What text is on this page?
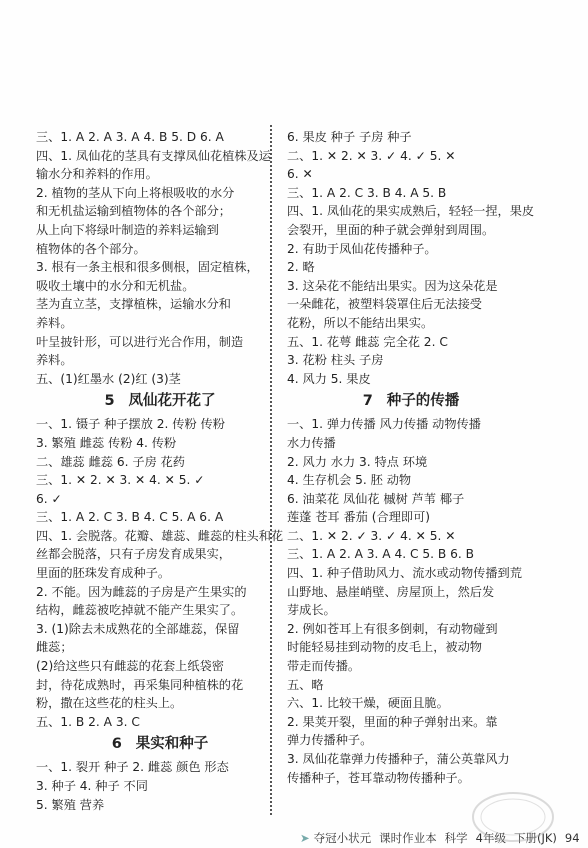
三、1. A 2. A 3. A 4. B 5. D 6. A
四、1. 凤仙花的茎具有支撑凤仙花植株及运
输水分和养料的作用。
2. 植物的茎从下向上将根吸收的水分
和无机盐运输到植物体的各个部分；
从上向下将绿叶制造的养料运输到
植物体的各个部分。
3. 根有一条主根和很多侧根，固定植株，
吸收土壤中的水分和无机盐。
茎为直立茎，支撑植株，运输水分和
养料。
叶呈披针形，可以进行光合作用，制造
养料。
五、(1)红墨水 (2)红 (3)茎
5 凤仙花开花了
一、1. 镊子 种子摆放 2. 传粉 传粉
3. 繁殖 雌蕊 传粉 4. 传粉
二、雄蕊 雌蕊 6. 子房 花药
三、1. ✕ 2. ✕ 3. ✕ 4. ✕ 5. ✓
6. ✓
三、1. A 2. C 3. B 4. C 5. A 6. A
四、1. 会脱落。花瓣、雄蕊、雌蕊的柱头和花
丝都会脱落，只有子房发育成果实，
里面的胚珠发育成种子。
2. 不能。因为雌蕊的子房是产生果实的
结构，雌蕊被吃掉就不能产生果实了。
3. (1)除去未成熟花的全部雄蕊，保留
雌蕊；
(2)给这些只有雌蕊的花套上纸袋密
封，待花成熟时，再采集同种植株的花
粉，撒在这些花的柱头上。
五、1. B 2. A 3. C
6 果实和种子
一、1. 裂开 种子 2. 雌蕊 颜色 形态
3. 种子 4. 种子 不同
5. 繁殖 营养
6. 果皮 种子 子房 种子
二、1. ✕ 2. ✕ 3. ✓ 4. ✓ 5. ✕
6. ✕
三、1. A 2. C 3. B 4. A 5. B
四、1. 凤仙花的果实成熟后，轻轻一捏，果皮
会裂开，里面的种子就会弹射到周围。
2. 有助于凤仙花传播种子。
2. 略
3. 这朵花不能结出果实。因为这朵花是
一朵雌花，被塑料袋罩住后无法接受
花粉，所以不能结出果实。
五、1. 花萼 雌蕊 完全花 2. C
3. 花粉 柱头 子房
4. 风力 5. 果皮
7 种子的传播
一、1. 弹力传播 风力传播 动物传播
水力传播
2. 风力 水力 3. 特点 环境
4. 生存机会 5. 胚 动物
6. 油菜花 凤仙花 槭树 芦苇 椰子
莲蓬 苍耳 番茄 (合理即可)
二、1. ✕ 2. ✓ 3. ✓ 4. ✕ 5. ✕
三、1. A 2. A 3. A 4. C 5. B 6. B
四、1. 种子借助风力、流水或动物传播到荒
山野地、悬崖峭壁、房屋顶上，然后发
芽成长。
2. 例如苍耳上有很多倒刺，有动物碰到
时能轻易挂到动物的皮毛上，被动物
带走而传播。
五、略
六、1. 比较干燥，硬面且脆。
2. 果荚开裂，里面的种子弹射出来。靠
弹力传播种子。
3. 凤仙花靠弹力传播种子，蒲公英靠风力
传播种子，苍耳靠动物传播种子。
➤ 夺冠小状元 课时作业本 科学 4年级 下册(JK) 94
